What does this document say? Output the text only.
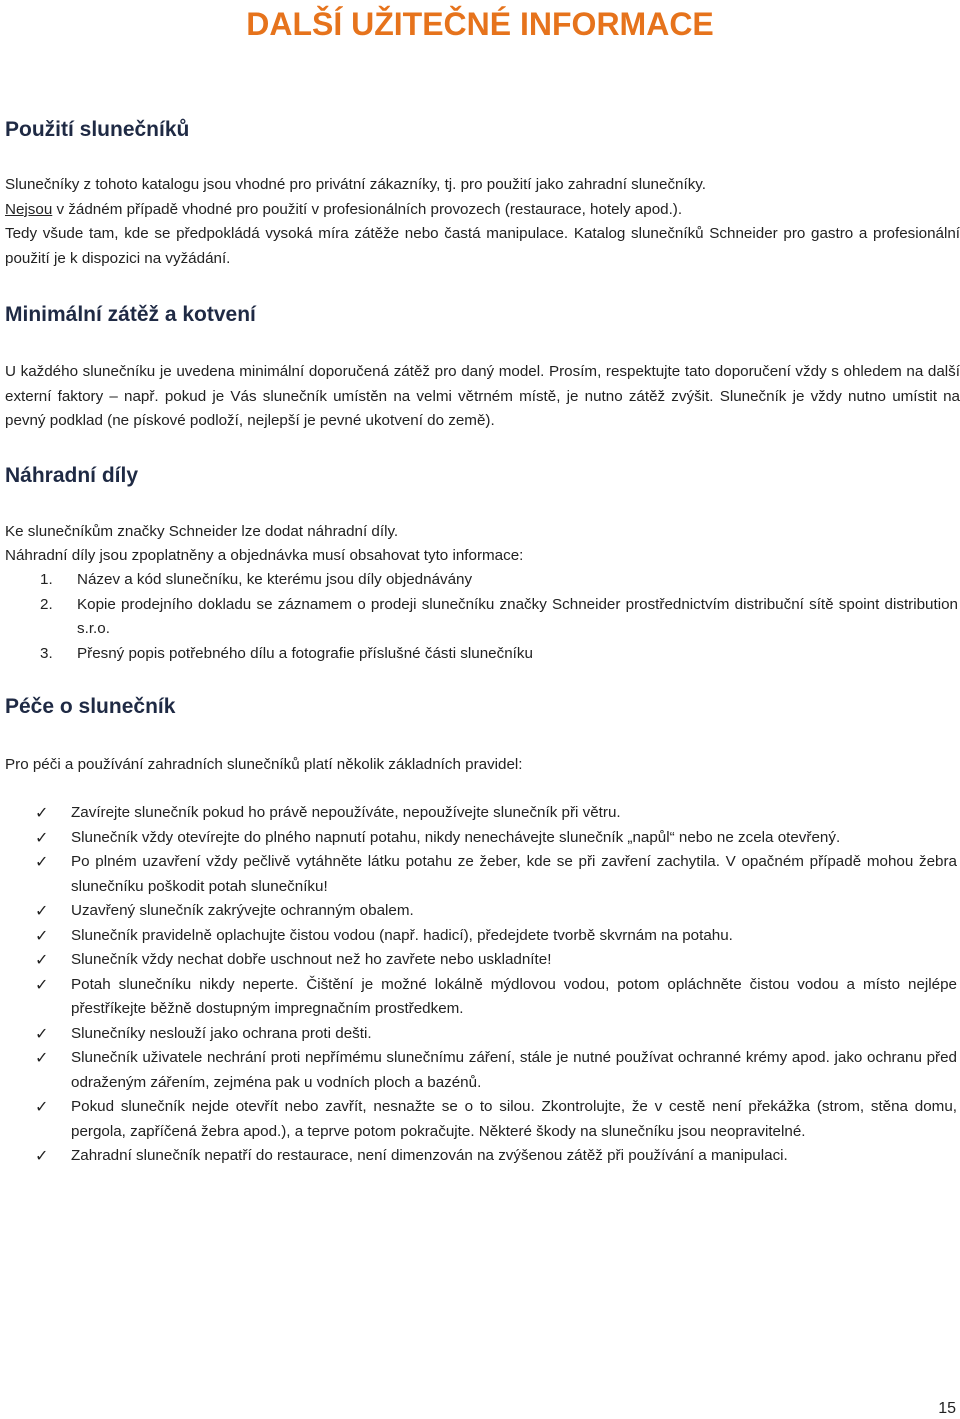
DALŠÍ UŽITEČNÉ INFORMACE
Použití slunečníků

Slunečníky z tohoto katalogu jsou vhodné pro privátní zákazníky, tj. pro použití jako zahradní slunečníky.

Nejsou v žádném případě vhodné pro použití v profesionálních provozech (restaurace, hotely apod.).

Tedy všude tam, kde se předpokládá vysoká míra zátěže nebo častá manipulace. Katalog slunečníků Schneider pro gastro a profesionální použití je k dispozici na vyžádání.

Minimální zátěž a kotvení

U každého slunečníku je uvedena minimální doporučená zátěž pro daný model. Prosím, respektujte tato doporučení vždy s ohledem na další externí faktory – např. pokud je Vás slunečník umístěn na velmi větrném místě, je nutno zátěž zvýšit. Slunečník je vždy nutno umístit na pevný podklad (ne pískové podloží, nejlepší je pevné ukotvení do země).

Náhradní díly

Ke slunečníkům značky Schneider lze dodat náhradní díly.

Náhradní díly jsou zpoplatněny a objednávka musí obsahovat tyto informace:

1. Název a kód slunečníku, ke kterému jsou díly objednávány
2. Kopie prodejního dokladu se záznamem o prodeji slunečníku značky Schneider prostřednictvím distribuční sítě spoint distribution s.r.o.
3. Přesný popis potřebného dílu a fotografie příslušné části slunečníku
Péče o slunečník

Pro péči a používání zahradních slunečníků platí několik základních pravidel:

✓ Zavírejte slunečník pokud ho právě nepoužíváte, nepoužívejte slunečník při větru.
✓ Slunečník vždy otevírejte do plného napnutí potahu, nikdy nenechávejte slunečník „napůl“ nebo ne zcela otevřený.
✓ Po plném uzavření vždy pečlivě vytáhněte látku potahu ze žeber, kde se při zavření zachytila. V opačném případě mohou žebra slunečníku poškodit potah slunečníku!
✓ Uzavřený slunečník zakrývejte ochranným obalem.
✓ Slunečník pravidelně oplachujte čistou vodou (např. hadicí), předejdete tvorbě skvrnám na potahu.
✓ Slunečník vždy nechat dobře uschnout než ho zavřete nebo uskladníte!
✓ Potah slunečníku nikdy neperte. Čištění je možné lokálně mýdlovou vodou, potom opláchněte čistou vodou a místo nejlépe přestříkejte běžně dostupným impregnačním prostředkem.
✓ Slunečníky neslouží jako ochrana proti dešti.
✓ Slunečník uživatele nechrání proti nepřímému slunečnímu záření, stále je nutné používat ochranné krémy apod. jako ochranu před odraženým zářením, zejména pak u vodních ploch a bazénů.
✓ Pokud slunečník nejde otevřít nebo zavřít, nesnažte se o to silou. Zkontrolujte, že v cestě není překážka (strom, stěna domu, pergola, zapříčená žebra apod.), a teprve potom pokračujte. Některé škody na slunečníku jsou neopravitelné.
✓ Zahradní slunečník nepatří do restaurace, není dimenzován na zvýšenou zátěž při používání a manipulaci.
15
